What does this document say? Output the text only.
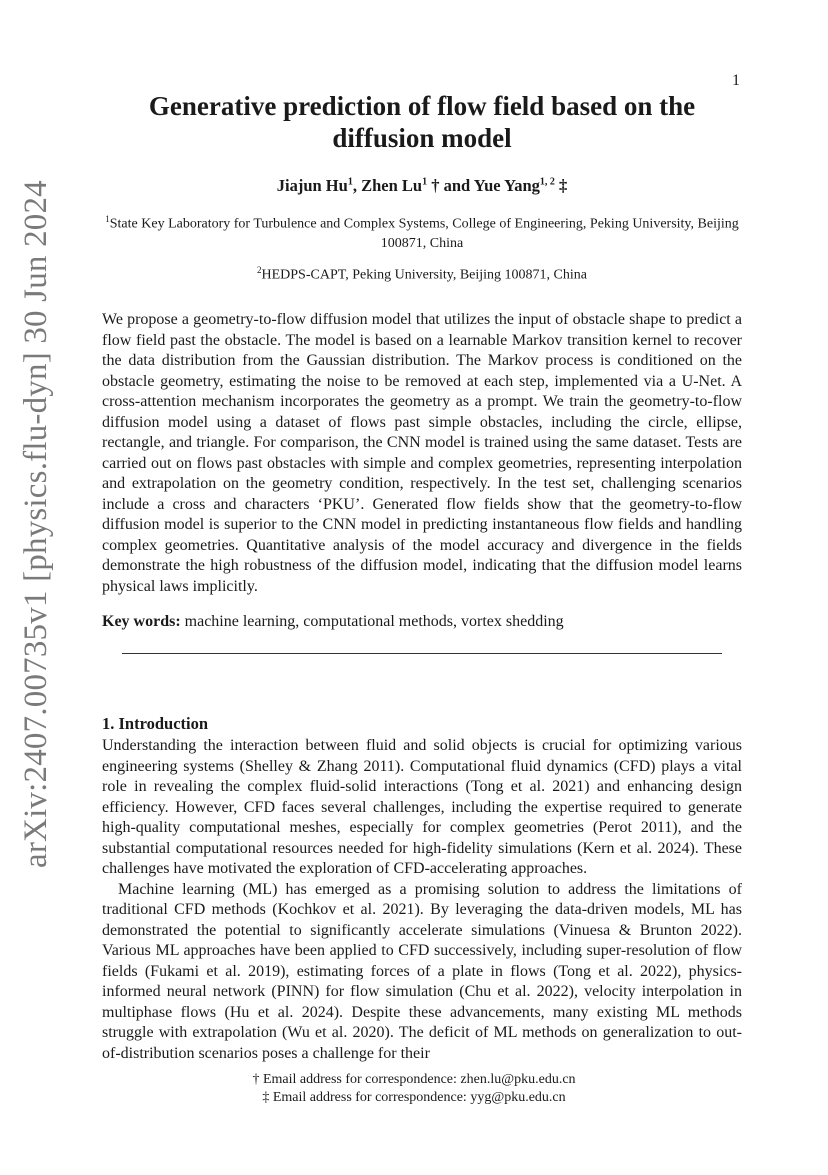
1
arXiv:2407.00735v1 [physics.flu-dyn] 30 Jun 2024
Generative prediction of flow field based on the diffusion model
Jiajun Hu$^1$, Zhen Lu$^1$ † and Yue Yang$^{1, 2}$ ‡
$^1$State Key Laboratory for Turbulence and Complex Systems, College of Engineering, Peking University, Beijing 100871, China
$^2$HEDPS-CAPT, Peking University, Beijing 100871, China

We propose a geometry-to-flow diffusion model that utilizes the input of obstacle shape to predict a flow field past the obstacle. The model is based on a learnable Markov transition kernel to recover the data distribution from the Gaussian distribution. The Markov process is conditioned on the obstacle geometry, estimating the noise to be removed at each step, implemented via a U-Net. A cross-attention mechanism incorporates the geometry as a prompt. We train the geometry-to-flow diffusion model using a dataset of flows past simple obstacles, including the circle, ellipse, rectangle, and triangle. For comparison, the CNN model is trained using the same dataset. Tests are carried out on flows past obstacles with simple and complex geometries, representing interpolation and extrapolation on the geometry condition, respectively. In the test set, challenging scenarios include a cross and characters ‘PKU’. Generated flow fields show that the geometry-to-flow diffusion model is superior to the CNN model in predicting instantaneous flow fields and handling complex geometries. Quantitative analysis of the model accuracy and divergence in the fields demonstrate the high robustness of the diffusion model, indicating that the diffusion model learns physical laws implicitly.

Key words: machine learning, computational methods, vortex shedding
1. Introduction

Understanding the interaction between fluid and solid objects is crucial for optimizing various engineering systems (Shelley & Zhang 2011). Computational fluid dynamics (CFD) plays a vital role in revealing the complex fluid-solid interactions (Tong et al. 2021) and enhancing design efficiency. However, CFD faces several challenges, including the expertise required to generate high-quality computational meshes, especially for complex geometries (Perot 2011), and the substantial computational resources needed for high-fidelity simulations (Kern et al. 2024). These challenges have motivated the exploration of CFD-accelerating approaches.

Machine learning (ML) has emerged as a promising solution to address the limitations of traditional CFD methods (Kochkov et al. 2021). By leveraging the data-driven models, ML has demonstrated the potential to significantly accelerate simulations (Vinuesa & Brunton 2022). Various ML approaches have been applied to CFD successively, including super-resolution of flow fields (Fukami et al. 2019), estimating forces of a plate in flows (Tong et al. 2022), physics-informed neural network (PINN) for flow simulation (Chu et al. 2022), velocity interpolation in multiphase flows (Hu et al. 2024). Despite these advancements, many existing ML methods struggle with extrapolation (Wu et al. 2020). The deficit of ML methods on generalization to out-of-distribution scenarios poses a challenge for their

† Email address for correspondence: zhen.lu@pku.edu.cn
‡ Email address for correspondence: yyg@pku.edu.cn
